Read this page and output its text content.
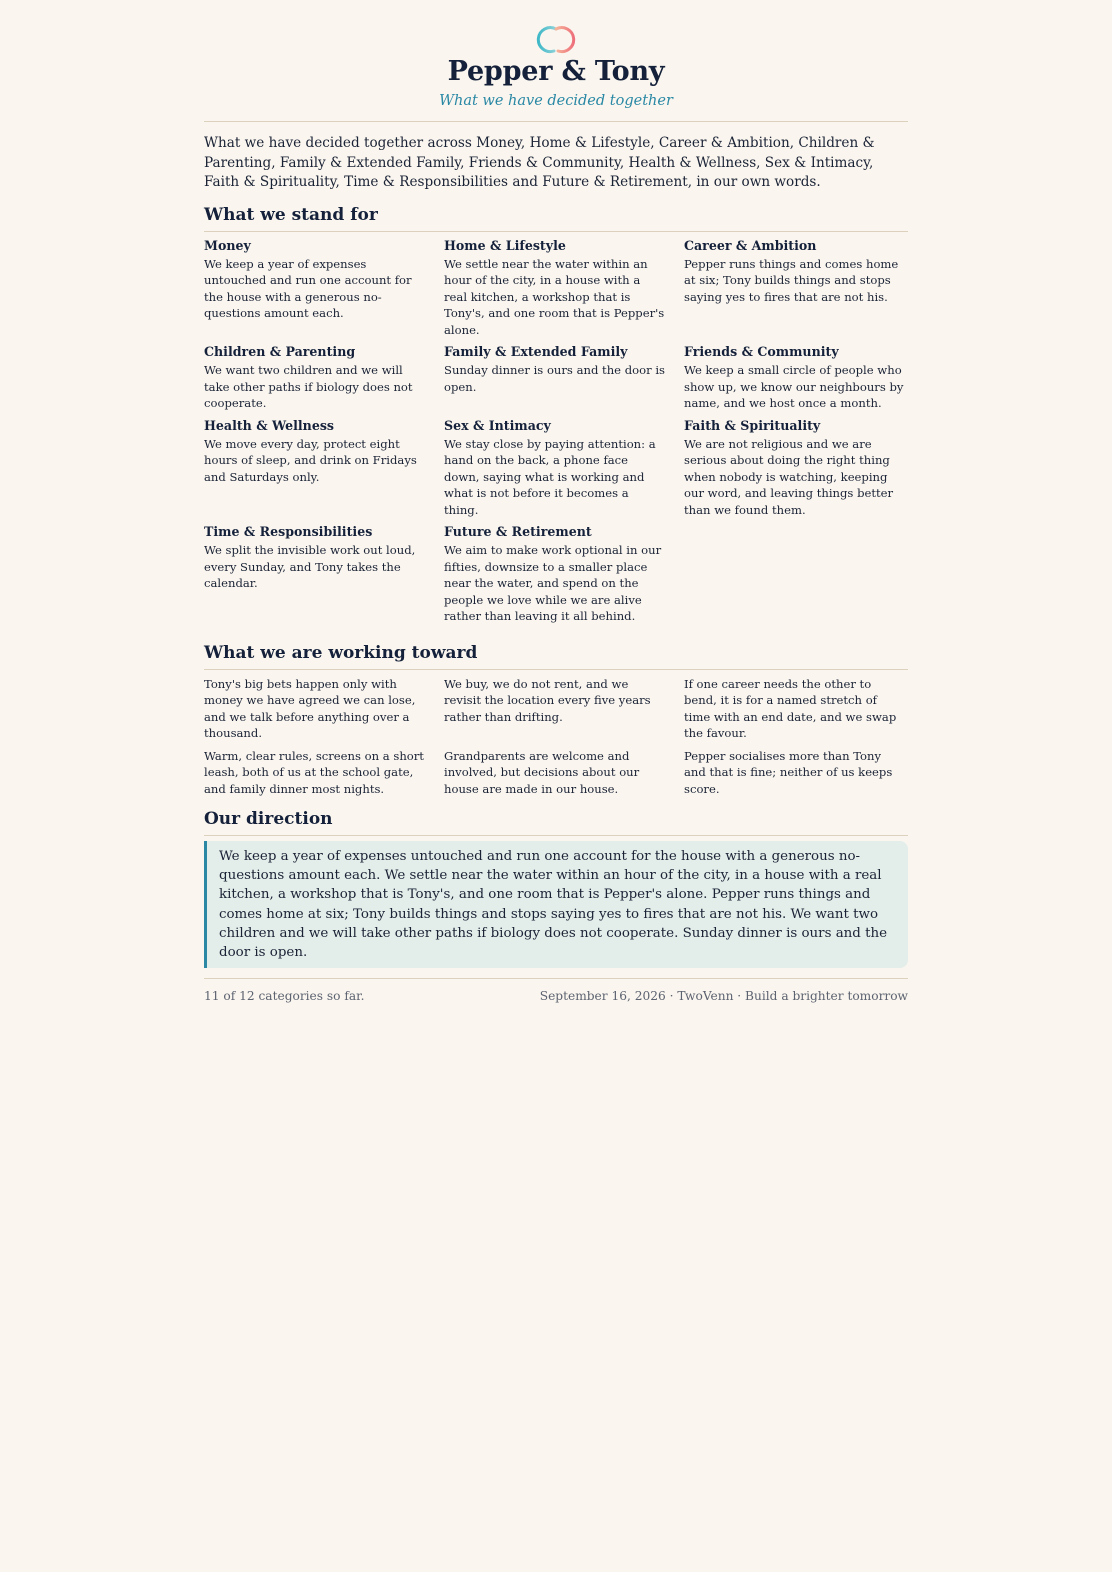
Pepper & Tony
What we have decided together

What we have decided together across Money, Home & Lifestyle, Career & Ambition, Children & Parenting, Family & Extended Family, Friends & Community, Health & Wellness, Sex & Intimacy, Faith & Spirituality, Time & Responsibilities and Future & Retirement, in our own words.

What we stand for
Money
We keep a year of expenses untouched and run one account for the house with a generous no-questions amount each.
Home & Lifestyle
We settle near the water within an hour of the city, in a house with a real kitchen, a workshop that is Tony's, and one room that is Pepper's alone.
Career & Ambition
Pepper runs things and comes home at six; Tony builds things and stops saying yes to fires that are not his.
Children & Parenting
We want two children and we will take other paths if biology does not cooperate.
Family & Extended Family
Sunday dinner is ours and the door is open.
Friends & Community
We keep a small circle of people who show up, we know our neighbours by name, and we host once a month.
Health & Wellness
We move every day, protect eight hours of sleep, and drink on Fridays and Saturdays only.
Sex & Intimacy
We stay close by paying attention: a hand on the back, a phone face down, saying what is working and what is not before it becomes a thing.
Faith & Spirituality
We are not religious and we are serious about doing the right thing when nobody is watching, keeping our word, and leaving things better than we found them.
Time & Responsibilities
We split the invisible work out loud, every Sunday, and Tony takes the calendar.
Future & Retirement
We aim to make work optional in our fifties, downsize to a smaller place near the water, and spend on the people we love while we are alive rather than leaving it all behind.
What we are working toward
Tony's big bets happen only with money we have agreed we can lose, and we talk before anything over a thousand.
We buy, we do not rent, and we revisit the location every five years rather than drifting.
If one career needs the other to bend, it is for a named stretch of time with an end date, and we swap the favour.
Warm, clear rules, screens on a short leash, both of us at the school gate, and family dinner most nights.
Grandparents are welcome and involved, but decisions about our house are made in our house.
Pepper socialises more than Tony and that is fine; neither of us keeps score.
Our direction
We keep a year of expenses untouched and run one account for the house with a generous no-questions amount each. We settle near the water within an hour of the city, in a house with a real kitchen, a workshop that is Tony's, and one room that is Pepper's alone. Pepper runs things and comes home at six; Tony builds things and stops saying yes to fires that are not his. We want two children and we will take other paths if biology does not cooperate. Sunday dinner is ours and the door is open.
11 of 12 categories so far.	September 16, 2026 · TwoVenn · Build a brighter tomorrow
